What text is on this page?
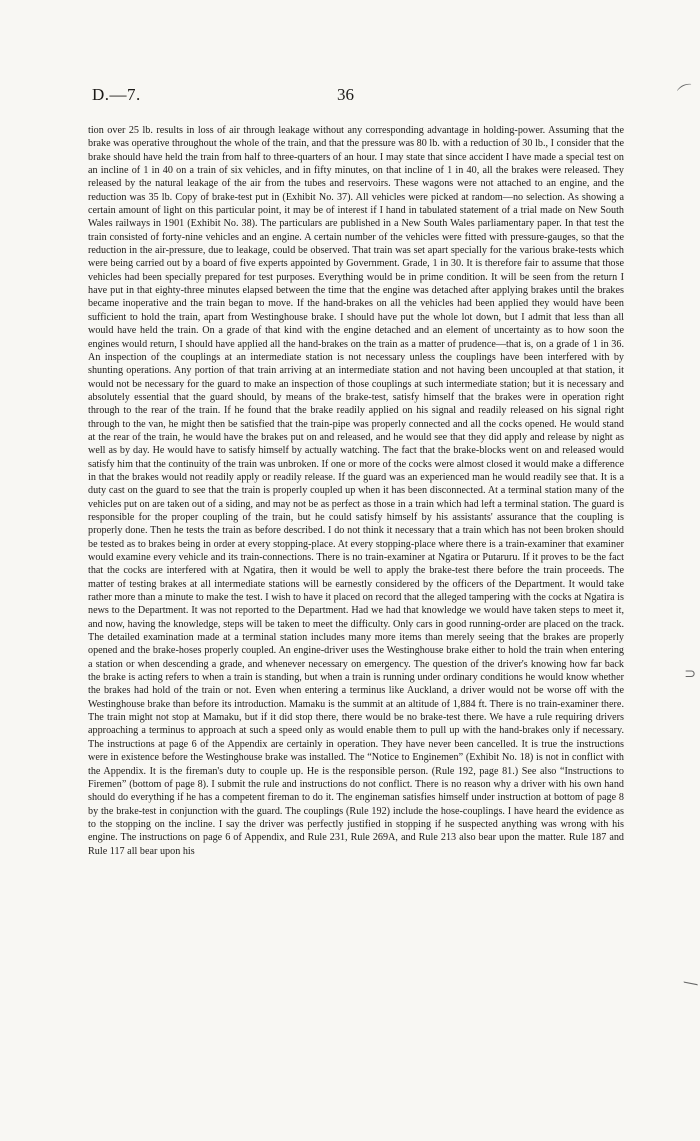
D.—7.	36

tion over 25 lb. results in loss of air through leakage without any corresponding advantage in holding-power. Assuming that the brake was operative throughout the whole of the train, and that the pressure was 80 lb. with a reduction of 30 lb., I consider that the brake should have held the train from half to three-quarters of an hour. I may state that since accident I have made a special test on an incline of 1 in 40 on a train of six vehicles, and in fifty minutes, on that incline of 1 in 40, all the brakes were released. They released by the natural leakage of the air from the tubes and reservoirs. These wagons were not attached to an engine, and the reduction was 35 lb. Copy of brake-test put in (Exhibit No. 37). All vehicles were picked at random—no selection. As showing a certain amount of light on this particular point, it may be of interest if I hand in tabulated statement of a trial made on New South Wales railways in 1901 (Exhibit No. 38). The particulars are published in a New South Wales parliamentary paper. In that test the train consisted of forty-nine vehicles and an engine. A certain number of the vehicles were fitted with pressure-gauges, so that the reduction in the air-pressure, due to leakage, could be observed. That train was set apart specially for the various brake-tests which were being carried out by a board of five experts appointed by Government. Grade, 1 in 30. It is therefore fair to assume that those vehicles had been specially prepared for test purposes. Everything would be in prime condition. It will be seen from the return I have put in that eighty-three minutes elapsed between the time that the engine was detached after applying brakes until the brakes became inoperative and the train began to move. If the hand-brakes on all the vehicles had been applied they would have been sufficient to hold the train, apart from Westinghouse brake. I should have put the whole lot down, but I admit that less than all would have held the train. On a grade of that kind with the engine detached and an element of uncertainty as to how soon the engines would return, I should have applied all the hand-brakes on the train as a matter of prudence—that is, on a grade of 1 in 36. An inspection of the couplings at an intermediate station is not necessary unless the couplings have been interfered with by shunting operations. Any portion of that train arriving at an intermediate station and not having been uncoupled at that station, it would not be necessary for the guard to make an inspection of those couplings at such intermediate station; but it is necessary and absolutely essential that the guard should, by means of the brake-test, satisfy himself that the brakes were in operation right through to the rear of the train. If he found that the brake readily applied on his signal and readily released on his signal right through to the van, he might then be satisfied that the train-pipe was properly connected and all the cocks opened. He would stand at the rear of the train, he would have the brakes put on and released, and he would see that they did apply and release by night as well as by day. He would have to satisfy himself by actually watching. The fact that the brake-blocks went on and released would satisfy him that the continuity of the train was unbroken. If one or more of the cocks were almost closed it would make a difference in that the brakes would not readily apply or readily release. If the guard was an experienced man he would readily see that. It is a duty cast on the guard to see that the train is properly coupled up when it has been disconnected. At a terminal station many of the vehicles put on are taken out of a siding, and may not be as perfect as those in a train which had left a terminal station. The guard is responsible for the proper coupling of the train, but he could satisfy himself by his assistants' assurance that the coupling is properly done. Then he tests the train as before described. I do not think it necessary that a train which has not been broken should be tested as to brakes being in order at every stopping-place. At every stopping-place where there is a train-examiner that examiner would examine every vehicle and its train-connections. There is no train-examiner at Ngatira or Putaruru. If it proves to be the fact that the cocks are interfered with at Ngatira, then it would be well to apply the brake-test there before the train proceeds. The matter of testing brakes at all intermediate stations will be earnestly considered by the officers of the Department. It would take rather more than a minute to make the test. I wish to have it placed on record that the alleged tampering with the cocks at Ngatira is news to the Department. It was not reported to the Department. Had we had that knowledge we would have taken steps to meet it, and now, having the knowledge, steps will be taken to meet the difficulty. Only cars in good running-order are placed on the track. The detailed examination made at a terminal station includes many more items than merely seeing that the brakes are properly opened and the brake-hoses properly coupled. An engine-driver uses the Westinghouse brake either to hold the train when entering a station or when descending a grade, and whenever necessary on emergency. The question of the driver's knowing how far back the brake is acting refers to when a train is standing, but when a train is running under ordinary conditions he would know whether the brakes had hold of the train or not. Even when entering a terminus like Auckland, a driver would not be worse off with the Westinghouse brake than before its introduction. Mamaku is the summit at an altitude of 1,884 ft. There is no train-examiner there. The train might not stop at Mamaku, but if it did stop there, there would be no brake-test there. We have a rule requiring drivers approaching a terminus to approach at such a speed only as would enable them to pull up with the hand-brakes only if necessary. The instructions at page 6 of the Appendix are certainly in operation. They have never been cancelled. It is true the instructions were in existence before the Westinghouse brake was installed. The “Notice to Enginemen” (Exhibit No. 18) is not in conflict with the Appendix. It is the fireman's duty to couple up. He is the responsible person. (Rule 192, page 81.) See also “Instructions to Firemen” (bottom of page 8). I submit the rule and instructions do not conflict. There is no reason why a driver with his own hand should do everything if he has a competent fireman to do it. The engineman satisfies himself under instruction at bottom of page 8 by the brake-test in conjunction with the guard. The couplings (Rule 192) include the hose-couplings. I have heard the evidence as to the stopping on the incline. I say the driver was perfectly justified in stopping if he suspected anything was wrong with his engine. The instructions on page 6 of Appendix, and Rule 231, Rule 269A, and Rule 213 also bear upon the matter. Rule 187 and Rule 117 all bear upon his

⌒
⊃
⁄
